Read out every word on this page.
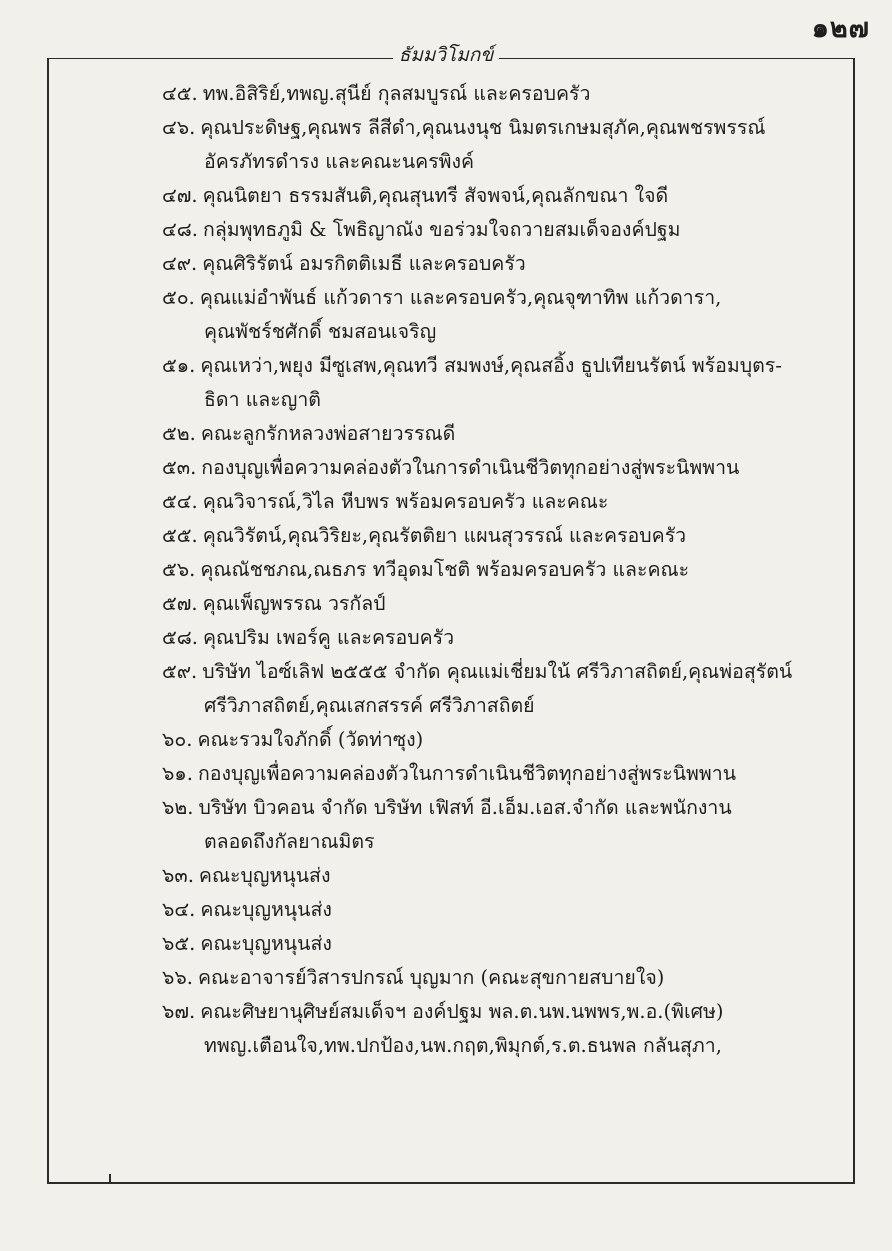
๑๒๗
ธัมมวิโมกข์
๔๕. ทพ.อิสิริย์,ทพญ.สุนีย์ กุลสมบูรณ์ และครอบครัว
๔๖. คุณประดิษฐ,คุณพร ลีสีดำ,คุณนงนุช นิมตรเกษมสุภัค,คุณพชรพรรณ์
อัครภัทรดำรง และคณะนครพิงค์
๔๗. คุณนิตยา ธรรมสันติ,คุณสุนทรี สัจพจน์,คุณลักขณา ใจดี
๔๘. กลุ่มพุทธภูมิ & โพธิญาณัง ขอร่วมใจถวายสมเด็จองค์ปฐม
๔๙. คุณศิริรัตน์ อมรกิตติเมธี และครอบครัว
๕๐. คุณแม่อำพันธ์ แก้วดารา และครอบครัว,คุณจุฑาทิพ แก้วดารา,
คุณพัชร์ชศักดิ์ ชมสอนเจริญ
๕๑. คุณเหว่า,พยุง มีซูเสพ,คุณทวี สมพงษ์,คุณสอิ้ง ธูปเทียนรัตน์ พร้อมบุตร-
ธิดา และญาติ
๕๒. คณะลูกรักหลวงพ่อสายวรรณดี
๕๓. กองบุญเพื่อความคล่องตัวในการดำเนินชีวิตทุกอย่างสู่พระนิพพาน
๕๔. คุณวิจารณ์,วิไล หีบพร พร้อมครอบครัว และคณะ
๕๕. คุณวิรัตน์,คุณวิริยะ,คุณรัตติยา แผนสุวรรณ์ และครอบครัว
๕๖. คุณณัชชภณ,ณธภร ทวีอุดมโชติ พร้อมครอบครัว และคณะ
๕๗. คุณเพ็ญพรรณ วรกัลป์
๕๘. คุณปริม เพอร์คู และครอบครัว
๕๙. บริษัท ไอซ์เลิฟ ๒๕๕๕ จำกัด คุณแม่เชี่ยมใน้ ศรีวิภาสถิตย์,คุณพ่อสุรัตน์
ศรีวิภาสถิตย์,คุณเสกสรรค์ ศรีวิภาสถิตย์
๖๐. คณะรวมใจภักดิ์ (วัดท่าซุง)
๖๑. กองบุญเพื่อความคล่องตัวในการดำเนินชีวิตทุกอย่างสู่พระนิพพาน
๖๒. บริษัท บิวคอน จำกัด บริษัท เฟิสท์ อี.เอ็ม.เอส.จำกัด และพนักงาน
ตลอดถึงกัลยาณมิตร
๖๓. คณะบุญหนุนส่ง
๖๔. คณะบุญหนุนส่ง
๖๕. คณะบุญหนุนส่ง
๖๖. คณะอาจารย์วิสารปกรณ์ บุญมาก (คณะสุขกายสบายใจ)
๖๗. คณะศิษยานุศิษย์สมเด็จฯ องค์ปฐม พล.ต.นพ.นพพร,พ.อ.(พิเศษ)
ทพญ.เตือนใจ,ทพ.ปกป้อง,นพ.กฤต,พิมุกต์,ร.ต.ธนพล กลันสุภา,
